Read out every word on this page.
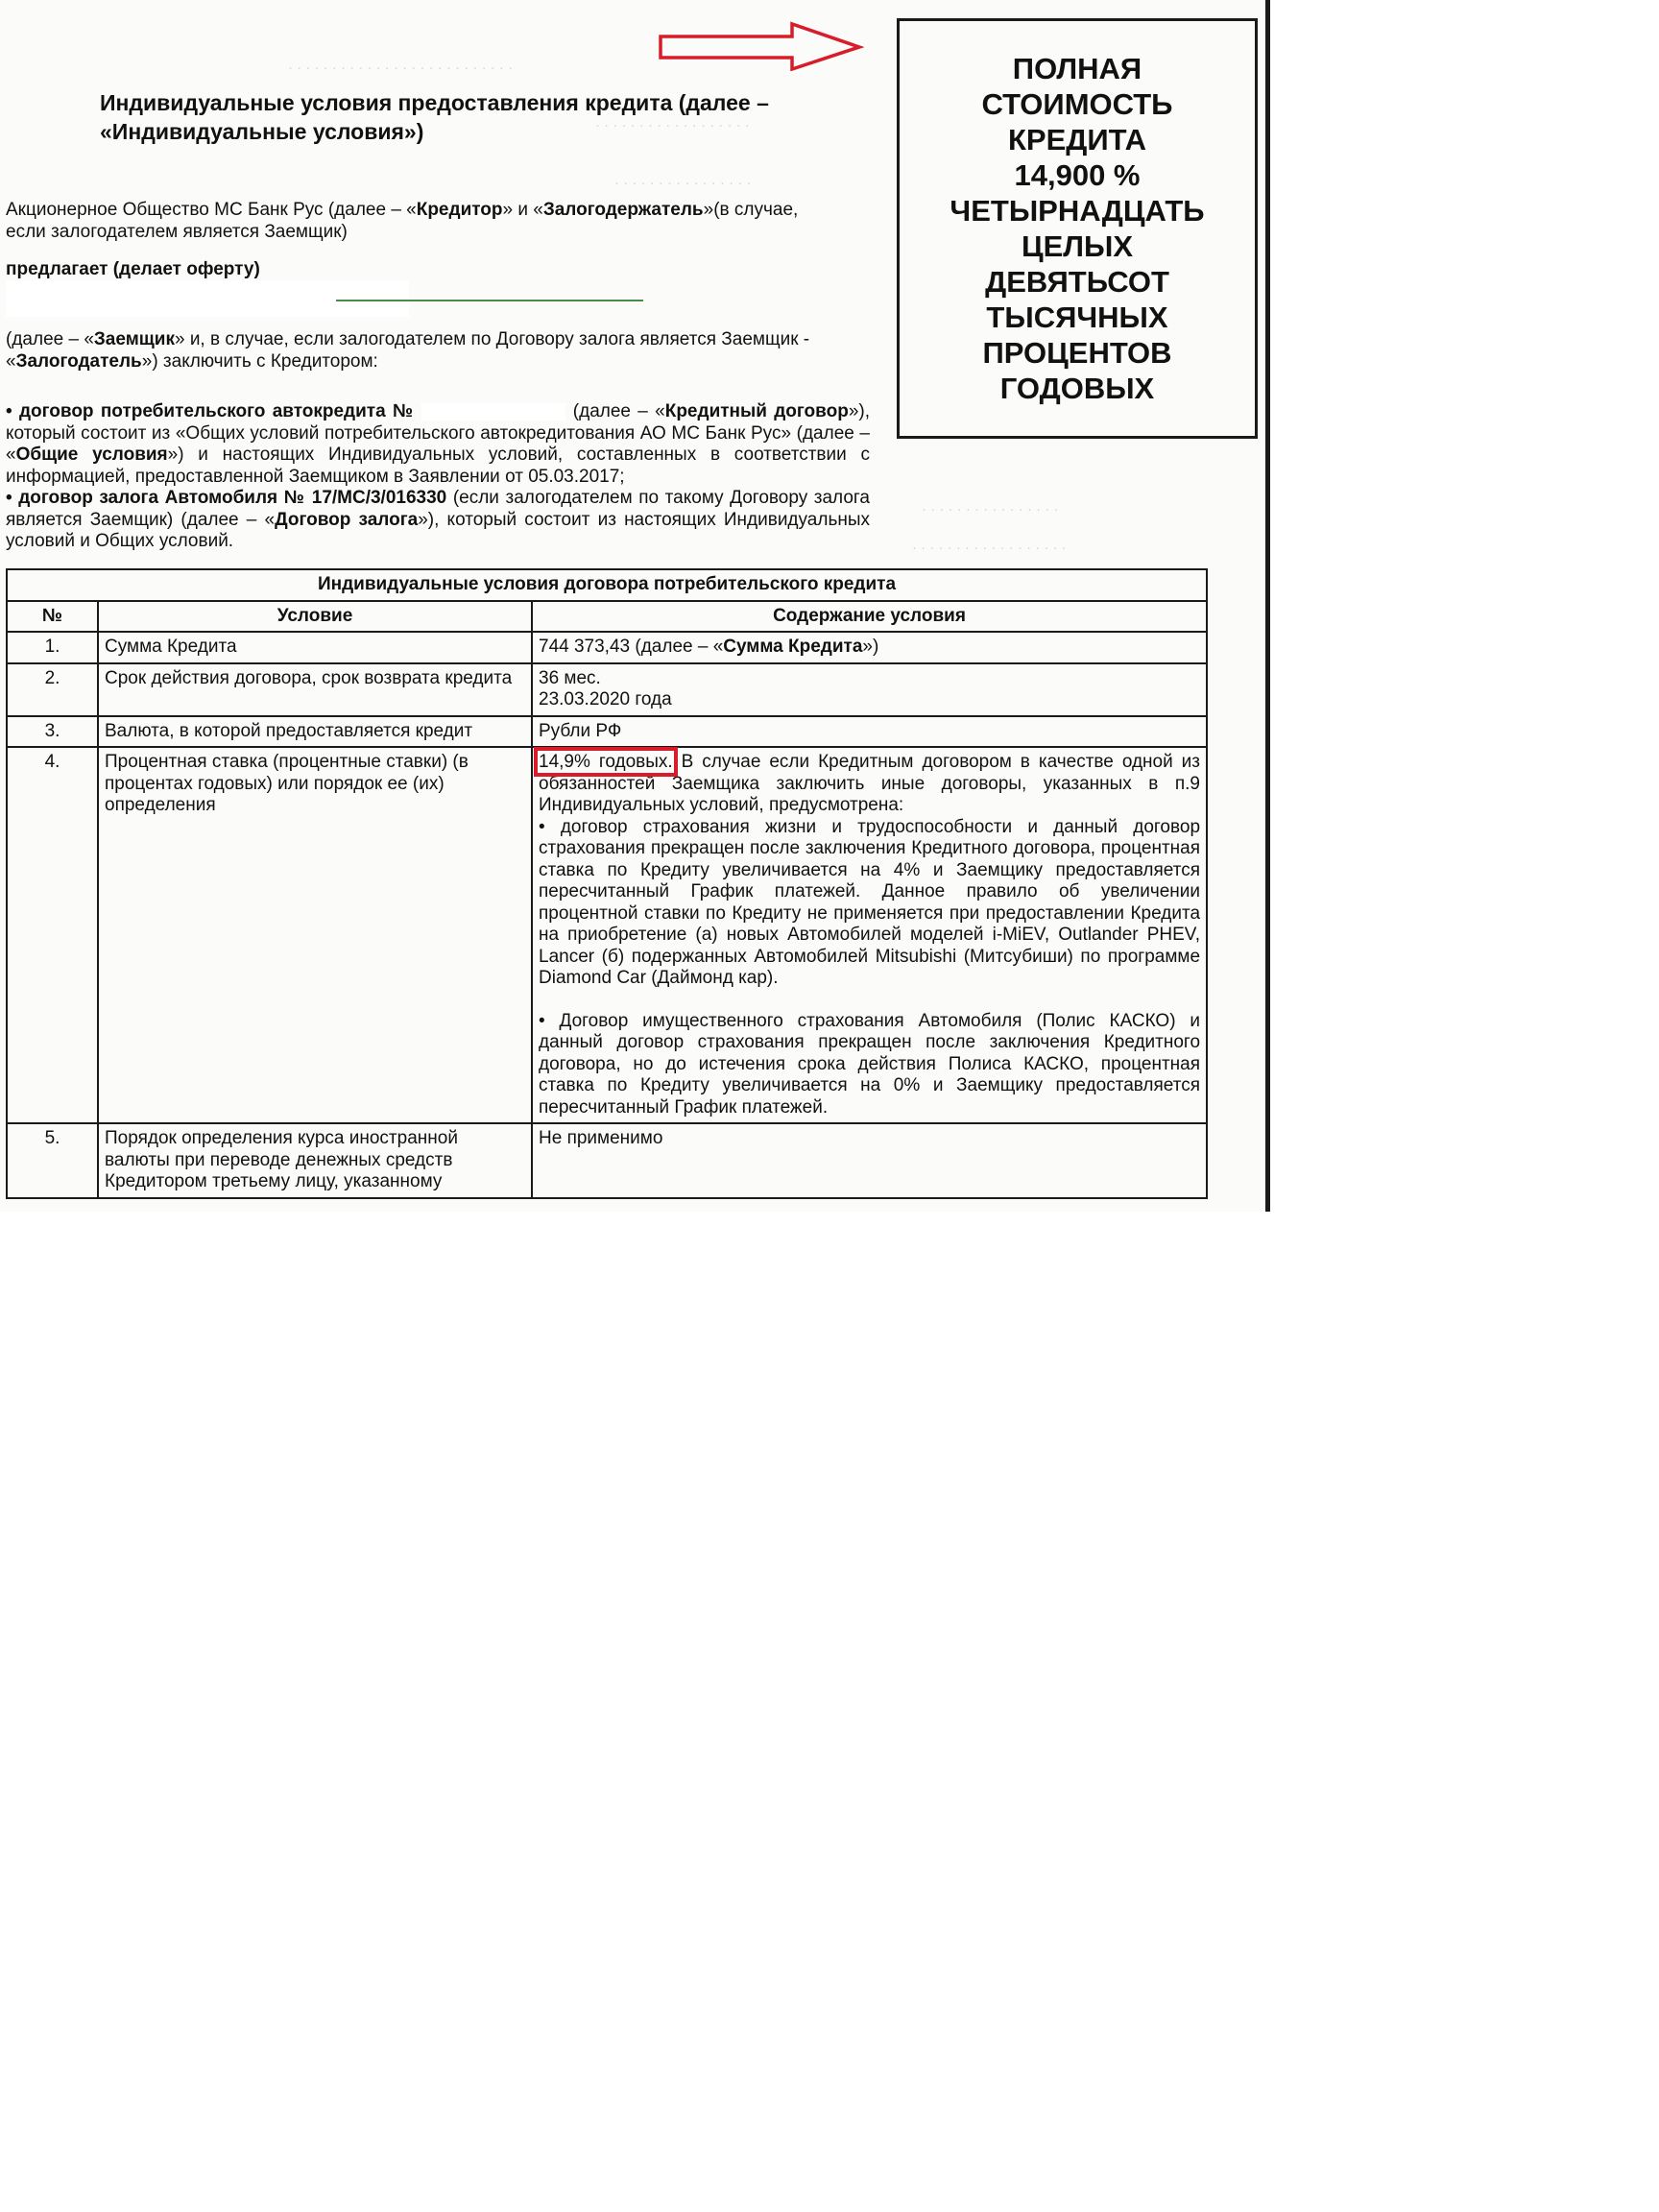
· · · · · · · · · · · · · · · · · · · · · · · · · ·
· · · · · · · · · · · · · · · · · ·
· · · · · · · · · · · · · · · ·
· · · · · · · · · · · · · · · ·
· · · · · · · · · · · · · · · · · ·
Индивидуальные условия предоставления кредита (далее –
«Индивидуальные условия»)
Акционерное Общество МС Банк Рус (далее – «Кредитор» и «Залогодержатель»(в случае,
если залогодателем является Заемщик)
предлагает (делает оферту)
(далее – «Заемщик» и, в случае, если залогодателем по Договору залога является Заемщик -
«Залогодатель») заключить с Кредитором:
• договор потребительского автокредита №	(далее – «Кредитный договор»), который состоит из «Общих условий потребительского автокредитования АО МС Банк Рус» (далее – «Общие условия») и настоящих Индивидуальных условий, составленных в соответствии с информацией, предоставленной Заемщиком в Заявлении от 05.03.2017;
• договор залога Автомобиля № 17/MC/3/016330 (если залогодателем по такому Договору залога является Заемщик) (далее – «Договор залога»), который состоит из настоящих Индивидуальных условий и Общих условий.
ПОЛНАЯ
СТОИМОСТЬ
КРЕДИТА
14,900 %
ЧЕТЫРНАДЦАТЬ
ЦЕЛЫХ
ДЕВЯТЬСОТ
ТЫСЯЧНЫХ
ПРОЦЕНТОВ
ГОДОВЫХ
Индивидуальные условия договора потребительского кредита		
№	Условие	Содержание условия
1.	Сумма Кредита	744 373,43 (далее – «Сумма Кредита»)
2.	Срок действия договора, срок возврата кредита	36 мес.
23.03.2020 года

3.	Валюта, в которой предоставляется кредит	Рубли РФ
4.	Процентная ставка (процентные ставки) (в процентах годовых) или порядок ее (их) определения	14,9% годовых. В случае если Кредитным договором в качестве одной из обязанностей Заемщика заключить иные договоры, указанных в п.9 Индивидуальных условий, предусмотрена:
• договор страхования жизни и трудоспособности и данный договор страхования прекращен после заключения Кредитного договора, процентная ставка по Кредиту увеличивается на 4% и Заемщику предоставляется пересчитанный График платежей. Данное правило об увеличении процентной ставки по Кредиту не применяется при предоставлении Кредита на приобретение (а) новых Автомобилей моделей i-MiEV, Outlander PHEV, Lancer (б) подержанных Автомобилей Mitsubishi (Митсубиши) по программе Diamond Car (Даймонд кар).
• Договор имущественного страхования Автомобиля (Полис КАСКО) и данный договор страхования прекращен после заключения Кредитного договора, но до истечения срока действия Полиса КАСКО, процентная ставка по Кредиту увеличивается на 0% и Заемщику предоставляется пересчитанный График платежей.

5.	Порядок определения курса иностранной валюты при переводе денежных средств Кредитором третьему лицу, указанному	Не применимо
